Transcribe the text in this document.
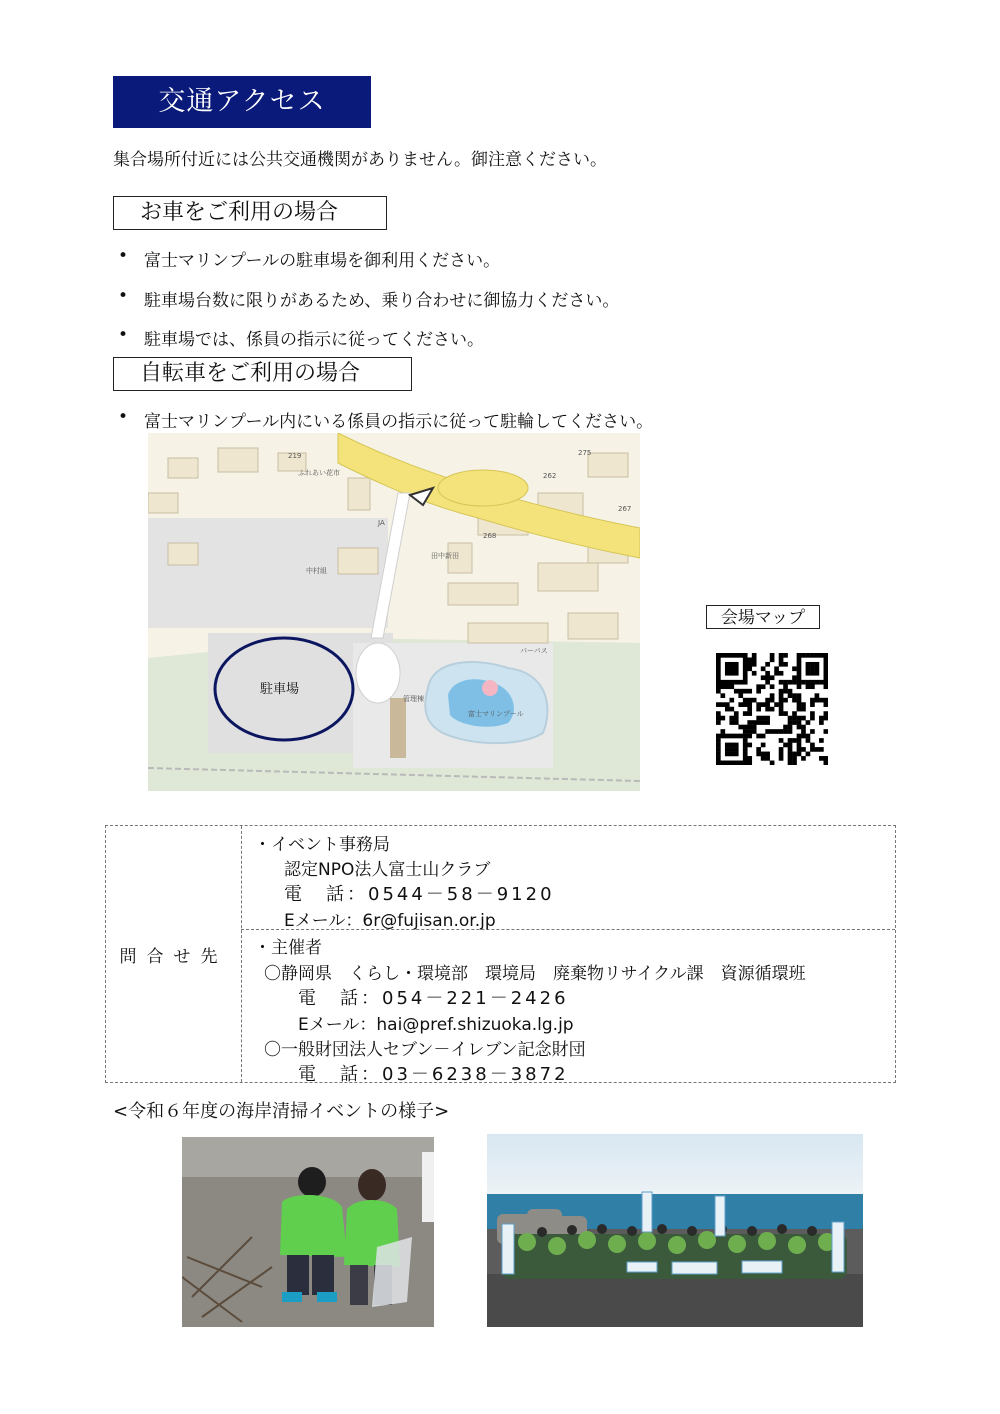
交通アクセス
集合場所付近には公共交通機関がありません。御注意ください。
お車をご利用の場合
• 富士マリンプールの駐車場を御利用ください。
• 駐車場台数に限りがあるため、乗り合わせに御協力ください。
• 駐車場では、係員の指示に従ってください。
自転車をご利用の場合
• 富士マリンプール内にいる係員の指示に従って駐輪してください。
ふれあい花市
JA
中村組
田中新田
パーパス
管理棟
富士マリンプール
219
262
275
267
268
駐車場
会場マップ
問合せ先
・イベント事務局
認定NPO法人富士山クラブ
電　話：0544－58－9120
Eメール：6r@fujisan.or.jp
・主催者
〇静岡県　くらし・環境部　環境局　廃棄物リサイクル課　資源循環班
電　話：054－221－2426
Eメール：hai@pref.shizuoka.lg.jp
〇一般財団法人セブン－イレブン記念財団
電　話：03－6238－3872
<令和６年度の海岸清掃イベントの様子>
